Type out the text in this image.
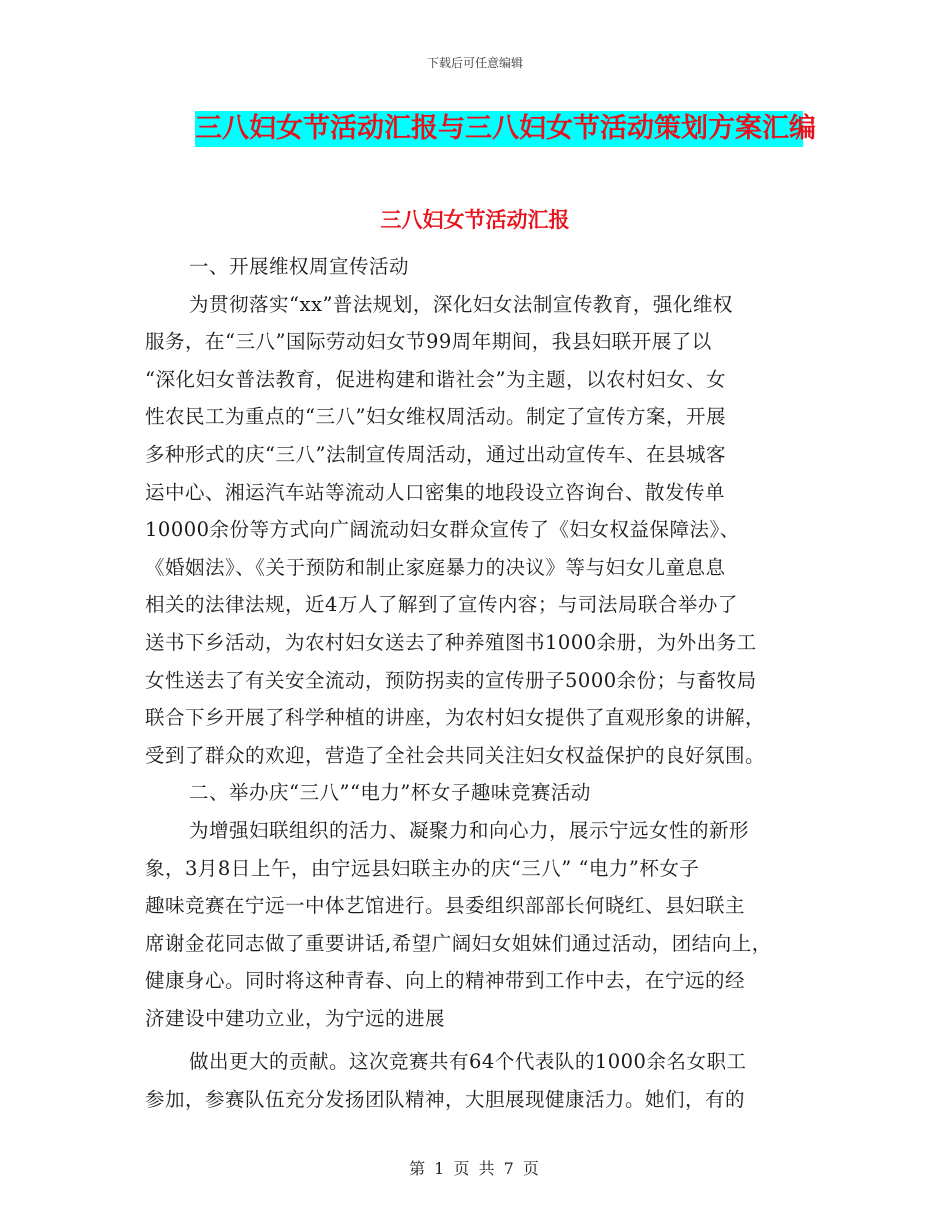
下载后可任意编辑
三八妇女节活动汇报与三八妇女节活动策划方案汇编
三八妇女节活动汇报
一、开展维权周宣传活动
为贯彻落实“xx”普法规划，深化妇女法制宣传教育，强化维权
服务，在“三八”国际劳动妇女节99周年期间，我县妇联开展了以
“深化妇女普法教育，促进构建和谐社会”为主题，以农村妇女、女
性农民工为重点的“三八”妇女维权周活动。制定了宣传方案，开展
多种形式的庆“三八”法制宣传周活动，通过出动宣传车、在县城客
运中心、湘运汽车站等流动人口密集的地段设立咨询台、散发传单
10000余份等方式向广阔流动妇女群众宣传了《妇女权益保障法》、
《婚姻法》、《关于预防和制止家庭暴力的决议》等与妇女儿童息息
相关的法律法规，近4万人了解到了宣传内容；与司法局联合举办了
送书下乡活动，为农村妇女送去了种养殖图书1000余册，为外出务工
女性送去了有关安全流动，预防拐卖的宣传册子5000余份；与畜牧局
联合下乡开展了科学种植的讲座，为农村妇女提供了直观形象的讲解，
受到了群众的欢迎，营造了全社会共同关注妇女权益保护的良好氛围。
二、举办庆“三八”“电力”杯女子趣味竞赛活动
为增强妇联组织的活力、凝聚力和向心力，展示宁远女性的新形
象，3月8日上午，由宁远县妇联主办的庆“三八” “电力”杯女子
趣味竞赛在宁远一中体艺馆进行。县委组织部部长何晓红、县妇联主
席谢金花同志做了重要讲话,希望广阔妇女姐妹们通过活动，团结向上，
健康身心。同时将这种青春、向上的精神带到工作中去，在宁远的经
济建设中建功立业，为宁远的进展
做出更大的贡献。这次竞赛共有64个代表队的1000余名女职工
参加，参赛队伍充分发扬团队精神，大胆展现健康活力。她们，有的
第 1 页 共 7 页
